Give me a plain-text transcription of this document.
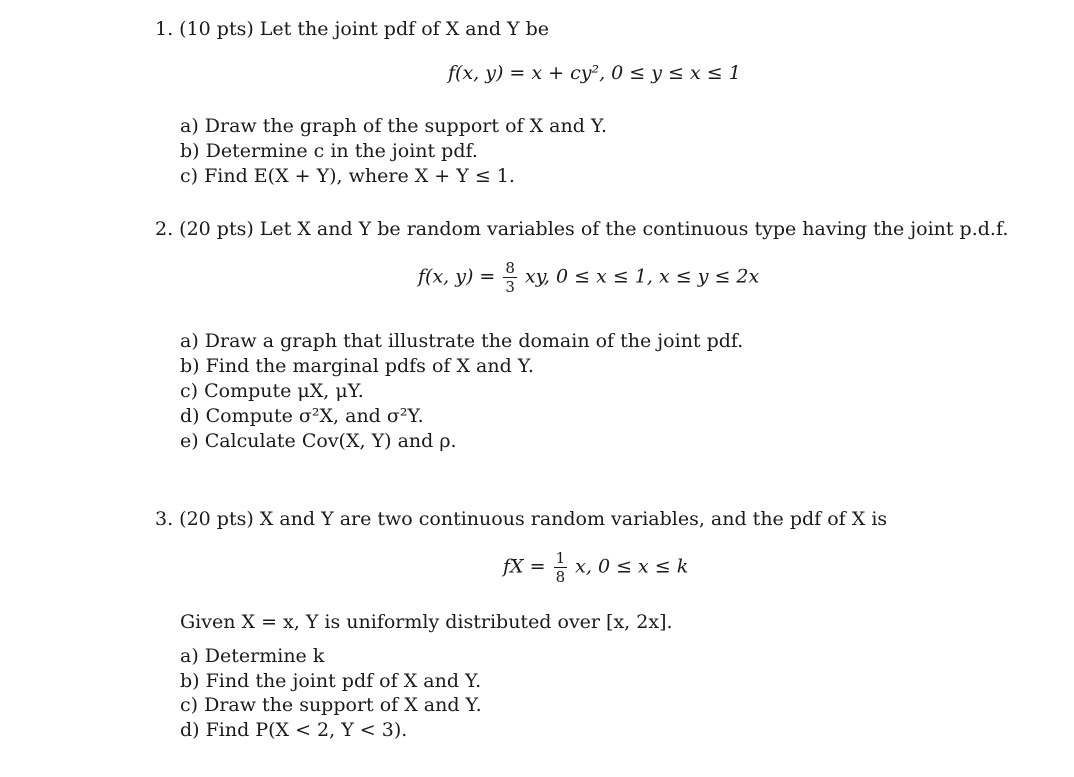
1. (10 pts) Let the joint pdf of X and Y be
f(x, y) = x + cy², 0 ≤ y ≤ x ≤ 1
a) Draw the graph of the support of X and Y.
b) Determine c in the joint pdf.
c) Find E(X + Y), where X + Y ≤ 1.
2. (20 pts) Let X and Y be random variables of the continuous type having the joint p.d.f.
f(x, $y) = \frac{8}{3}$ xy, 0 ≤ x ≤ 1, x ≤ y ≤ 2x
a) Draw a graph that illustrate the domain of the joint pdf.
b) Find the marginal pdfs of X and Y.
c) Compute μX, μY.
d) Compute σ²X, and σ²Y.
e) Calculate Cov(X, Y) and ρ.
3. (20 pts) X and Y are two continuous random variables, and the pdf of X is
fX = $\frac{1}{8} x$, 0 ≤ x ≤ k
Given X = x, Y is uniformly distributed over [x, 2x].
a) Determine k
b) Find the joint pdf of X and Y.
c) Draw the support of X and Y.
d) Find P(X < 2, Y < 3).
